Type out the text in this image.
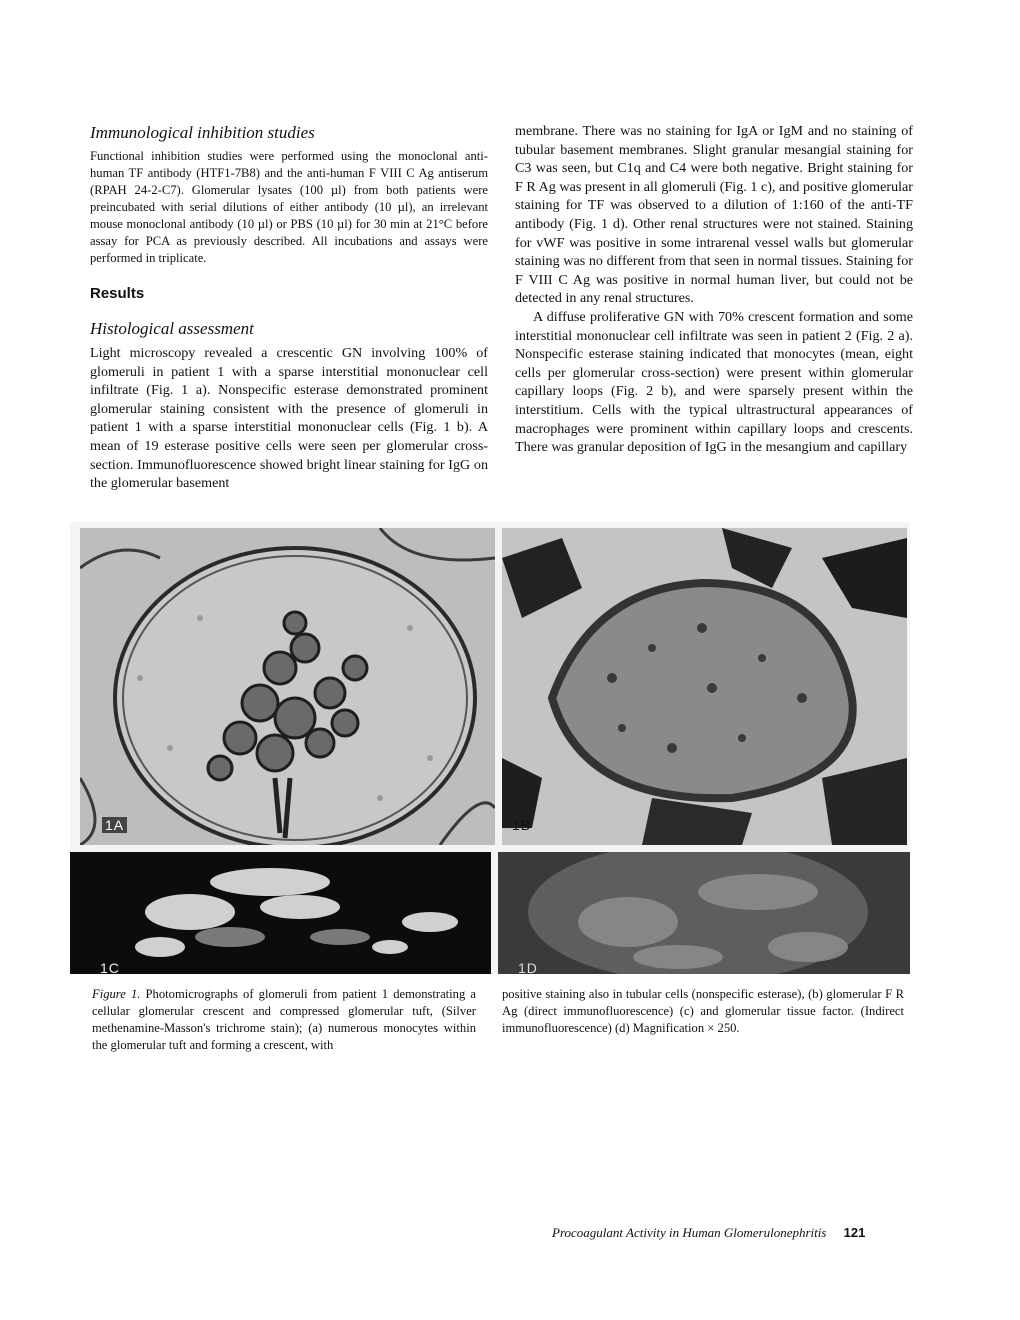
Immunological inhibition studies

Functional inhibition studies were performed using the monoclonal anti-human TF antibody (HTF1-7B8) and the anti-human F VIII C Ag antiserum (RPAH 24-2-C7). Glomerular lysates (100 µl) from both patients were preincubated with serial dilutions of either antibody (10 µl), an irrelevant mouse monoclonal antibody (10 µl) or PBS (10 µl) for 30 min at 21°C before assay for PCA as previously described. All incubations and assays were performed in triplicate.

Results
Histological assessment

Light microscopy revealed a crescentic GN involving 100% of glomeruli in patient 1 with a sparse interstitial mononuclear cell infiltrate (Fig. 1 a). Nonspecific esterase demonstrated prominent glomerular staining consistent with the presence of glomeruli in patient 1 with a sparse interstitial mononuclear cells (Fig. 1 b). A mean of 19 esterase positive cells were seen per glomerular cross-section. Immunofluorescence showed bright linear staining for IgG on the glomerular basement

membrane. There was no staining for IgA or IgM and no staining of tubular basement membranes. Slight granular mesangial staining for C3 was seen, but C1q and C4 were both negative. Bright staining for F R Ag was present in all glomeruli (Fig. 1 c), and positive glomerular staining for TF was observed to a dilution of 1:160 of the anti-TF antibody (Fig. 1 d). Other renal structures were not stained. Staining for vWF was positive in some intrarenal vessel walls but glomerular staining was no different from that seen in normal tissues. Staining for F VIII C Ag was positive in normal human liver, but could not be detected in any renal structures.

A diffuse proliferative GN with 70% crescent formation and some interstitial mononuclear cell infiltrate was seen in patient 2 (Fig. 2 a). Nonspecific esterase staining indicated that monocytes (mean, eight cells per glomerular cross-section) were present within glomerular capillary loops (Fig. 2 b), and were sparsely present within the interstitium. Cells with the typical ultrastructural appearances of macrophages were prominent within capillary loops and crescents. There was granular deposition of IgG in the mesangium and capillary

1A	1B
1C	1D
Figure 1. Photomicrographs of glomeruli from patient 1 demonstrating a cellular glomerular crescent and compressed glomerular tuft, (Silver methenamine-Masson's trichrome stain); (a) numerous monocytes within the glomerular tuft and forming a crescent, with
positive staining also in tubular cells (nonspecific esterase), (b) glomerular F R Ag (direct immunofluorescence) (c) and glomerular tissue factor. (Indirect immunofluorescence) (d) Magnification × 250.
Procoagulant Activity in Human Glomerulonephritis 121
